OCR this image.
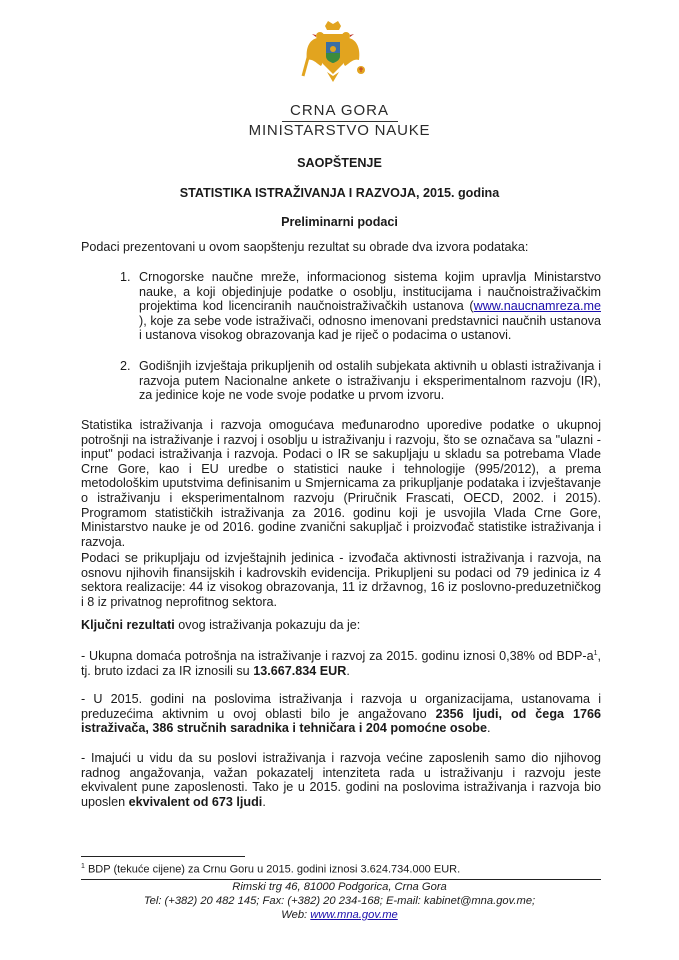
CRNA GORA
MINISTARSTVO NAUKE
SAOPŠTENJE
STATISTIKA ISTRAŽIVANJA I RAZVOJA, 2015. godina
Preliminarni podaci
Podaci prezentovani u ovom saopštenju rezultat su obrade dva izvora podataka:
1. Crnogorske naučne mreže, informacionog sistema kojim upravlja Ministarstvo nauke, a koji objedinjuje podatke o osoblju, institucijama i naučnoistraživačkim projektima kod licenciranih naučnoistraživačkih ustanova (www.naucnamreza.me ), koje za sebe vode istraživači, odnosno imenovani predstavnici naučnih ustanova i ustanova visokog obrazovanja kad je riječ o podacima o ustanovi.
2. Godišnjih izvještaja prikupljenih od ostalih subjekata aktivnih u oblasti istraživanja i razvoja putem Nacionalne ankete o istraživanju i eksperimentalnom razvoju (IR), za jedinice koje ne vode svoje podatke u prvom izvoru.
Statistika istraživanja i razvoja omogućava međunarodno uporedive podatke o ukupnoj potrošnji na istraživanje i razvoj i osoblju u istraživanju i razvoju, što se označava sa "ulazni - input" podaci istraživanja i razvoja. Podaci o IR se sakupljaju u skladu sa potrebama Vlade Crne Gore, kao i EU uredbe o statistici nauke i tehnologije (995/2012), a prema metodološkim uputstvima definisanim u Smjernicama za prikupljanje podataka i izvještavanje o istraživanju i eksperimentalnom razvoju (Priručnik Frascati, OECD, 2002. i 2015). Programom statističkih istraživanja za 2016. godinu koji je usvojila Vlada Crne Gore, Ministarstvo nauke je od 2016. godine zvanični sakupljač i proizvođač statistike istraživanja i razvoja.
Podaci se prikupljaju od izvještajnih jedinica - izvođača aktivnosti istraživanja i razvoja, na osnovu njihovih finansijskih i kadrovskih evidencija. Prikupljeni su podaci od 79 jedinica iz 4 sektora realizacije: 44 iz visokog obrazovanja, 11 iz državnog, 16 iz poslovno-preduzetničkog i 8 iz privatnog neprofitnog sektora.
Ključni rezultati ovog istraživanja pokazuju da je:
- Ukupna domaća potrošnja na istraživanje i razvoj za 2015. godinu iznosi 0,38% od BDP-$a^1$, tj. bruto izdaci za IR iznosili su 13.667.834 EUR.
- U 2015. godini na poslovima istraživanja i razvoja u organizacijama, ustanovama i preduzećima aktivnim u ovoj oblasti bilo je angažovano 2356 ljudi, od čega 1766 istraživača, 386 stručnih saradnika i tehničara i 204 pomoćne osobe.
- Imajući u vidu da su poslovi istraživanja i razvoja većine zaposlenih samo dio njihovog radnog angažovanja, važan pokazatelj intenziteta rada u istraživanju i razvoju jeste ekvivalent pune zaposlenosti. Tako je u 2015. godini na poslovima istraživanja i razvoja bio uposlen ekvivalent od 673 ljudi.
$^1$ BDP (tekuće cijene) za Crnu Goru u 2015. godini iznosi 3.624.734.000 EUR.
Rimski trg 46, 81000 Podgorica, Crna Gora
Tel: (+382) 20 482 145; Fax: (+382) 20 234-168; E-mail: kabinet@mna.gov.me;
Web: www.mna.gov.me
